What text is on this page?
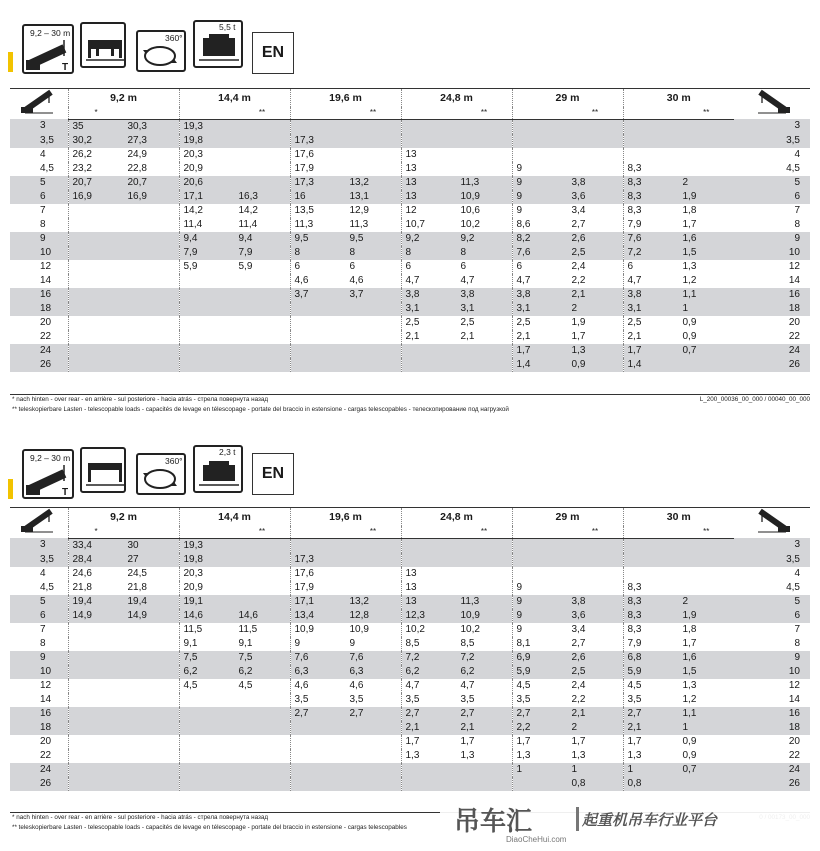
9,2 – 30 m
T
360°
5,5 t
EN
	9,2 m		14,4 m		19,6 m		24,8 m		29 m		30 m	
	*			**		**		**		**		**	
3	35	30,3	19,3										3
3,5	30,2	27,3	19,8		17,3								3,5
4	26,2	24,9	20,3		17,6		13						4
4,5	23,2	22,8	20,9		17,9		13		9		8,3		4,5
5	20,7	20,7	20,6		17,3	13,2	13	11,3	9	3,8	8,3	2	5
6	16,9	16,9	17,1	16,3	16	13,1	13	10,9	9	3,6	8,3	1,9	6
7			14,2	14,2	13,5	12,9	12	10,6	9	3,4	8,3	1,8	7
8			11,4	11,4	11,3	11,3	10,7	10,2	8,6	2,7	7,9	1,7	8
9			9,4	9,4	9,5	9,5	9,2	9,2	8,2	2,6	7,6	1,6	9
10			7,9	7,9	8	8	8	8	7,6	2,5	7,2	1,5	10
12			5,9	5,9	6	6	6	6	6	2,4	6	1,3	12
14					4,6	4,6	4,7	4,7	4,7	2,2	4,7	1,2	14
16					3,7	3,7	3,8	3,8	3,8	2,1	3,8	1,1	16
18							3,1	3,1	3,1	2	3,1	1	18
20							2,5	2,5	2,5	1,9	2,5	0,9	20
22							2,1	2,1	2,1	1,7	2,1	0,9	22
24									1,7	1,3	1,7	0,7	24
26									1,4	0,9	1,4		26
* nach hinten - over rear - en arrière - sul posteriore - hacia atrás - стрела повернута назад	L_200_00036_00_000 / 00040_00_000
** teleskopierbare Lasten - telescopable loads - capacités de levage en télescopage - portate del braccio in estensione - cargas telescopables - телескопирование под нагрузкой
9,2 – 30 m
T
360°
2,3 t
EN
	9,2 m		14,4 m		19,6 m		24,8 m		29 m		30 m	
	*			**		**		**		**		**	
3	33,4	30	19,3										3
3,5	28,4	27	19,8		17,3								3,5
4	24,6	24,5	20,3		17,6		13						4
4,5	21,8	21,8	20,9		17,9		13		9		8,3		4,5
5	19,4	19,4	19,1		17,1	13,2	13	11,3	9	3,8	8,3	2	5
6	14,9	14,9	14,6	14,6	13,4	12,8	12,3	10,9	9	3,6	8,3	1,9	6
7			11,5	11,5	10,9	10,9	10,2	10,2	9	3,4	8,3	1,8	7
8			9,1	9,1	9	9	8,5	8,5	8,1	2,7	7,9	1,7	8
9			7,5	7,5	7,6	7,6	7,2	7,2	6,9	2,6	6,8	1,6	9
10			6,2	6,2	6,3	6,3	6,2	6,2	5,9	2,5	5,9	1,5	10
12			4,5	4,5	4,6	4,6	4,7	4,7	4,5	2,4	4,5	1,3	12
14					3,5	3,5	3,5	3,5	3,5	2,2	3,5	1,2	14
16					2,7	2,7	2,7	2,7	2,7	2,1	2,7	1,1	16
18							2,1	2,1	2,2	2	2,1	1	18
20							1,7	1,7	1,7	1,7	1,7	0,9	20
22							1,3	1,3	1,3	1,3	1,3	0,9	22
24									1	1	1	0,7	24
26										0,8	0,8		26
* nach hinten - over rear - en arrière - sul posteriore - hacia atrás - стрела повернута назад
** teleskopierbare Lasten - telescopable loads - capacités de levage en télescopage - portate del braccio in estensione - cargas telescopables 吊车汇
DiaoCheHui.com
起重机吊车行业平台
